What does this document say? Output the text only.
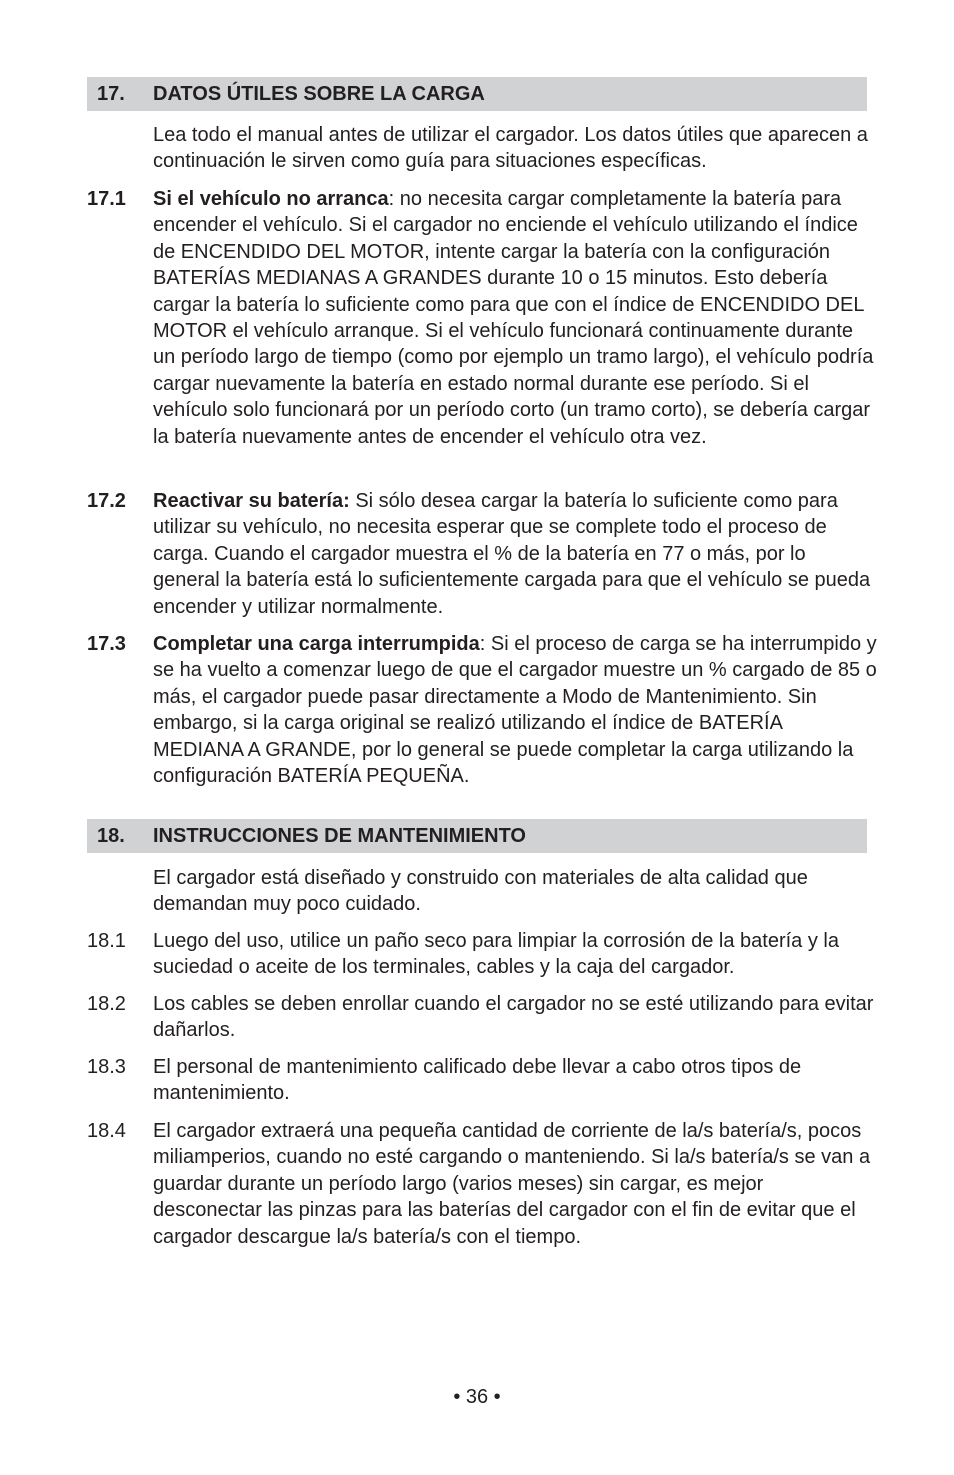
17. DATOS ÚTILES SOBRE LA CARGA
Lea todo el manual antes de utilizar el cargador. Los datos útiles que aparecen a continuación le sirven como guía para situaciones específicas.
17.1 Si el vehículo no arranca: no necesita cargar completamente la batería para encender el vehículo. Si el cargador no enciende el vehículo utilizando el índice de ENCENDIDO DEL MOTOR, intente cargar la batería con la configuración BATERÍAS MEDIANAS A GRANDES durante 10 o 15 minutos. Esto debería cargar la batería lo suficiente como para que con el índice de ENCENDIDO DEL MOTOR el vehículo arranque. Si el vehículo funcionará continuamente durante un período largo de tiempo (como por ejemplo un tramo largo), el vehículo podría cargar nuevamente la batería en estado normal durante ese período. Si el vehículo solo funcionará por un período corto (un tramo corto), se debería cargar la batería nuevamente antes de encender el vehículo otra vez.
17.2 Reactivar su batería: Si sólo desea cargar la batería lo suficiente como para utilizar su vehículo, no necesita esperar que se complete todo el proceso de carga. Cuando el cargador muestra el % de la batería en 77 o más, por lo general la batería está lo suficientemente cargada para que el vehículo se pueda encender y utilizar normalmente.
17.3 Completar una carga interrumpida: Si el proceso de carga se ha interrumpido y se ha vuelto a comenzar luego de que el cargador muestre un % cargado de 85 o más, el cargador puede pasar directamente a Modo de Mantenimiento. Sin embargo, si la carga original se realizó utilizando el índice de BATERÍA MEDIANA A GRANDE, por lo general se puede completar la carga utilizando la configuración BATERÍA PEQUEÑA.
18. INSTRUCCIONES DE MANTENIMIENTO
El cargador está diseñado y construido con materiales de alta calidad que demandan muy poco cuidado.
18.1 Luego del uso, utilice un paño seco para limpiar la corrosión de la batería y la suciedad o aceite de los terminales, cables y la caja del cargador.
18.2 Los cables se deben enrollar cuando el cargador no se esté utilizando para evitar dañarlos.
18.3 El personal de mantenimiento calificado debe llevar a cabo otros tipos de mantenimiento.
18.4 El cargador extraerá una pequeña cantidad de corriente de la/s batería/s, pocos miliamperios, cuando no esté cargando o manteniendo. Si la/s batería/s se van a guardar durante un período largo (varios meses) sin cargar, es mejor desconectar las pinzas para las baterías del cargador con el fin de evitar que el cargador descargue la/s batería/s con el tiempo.
• 36 •
